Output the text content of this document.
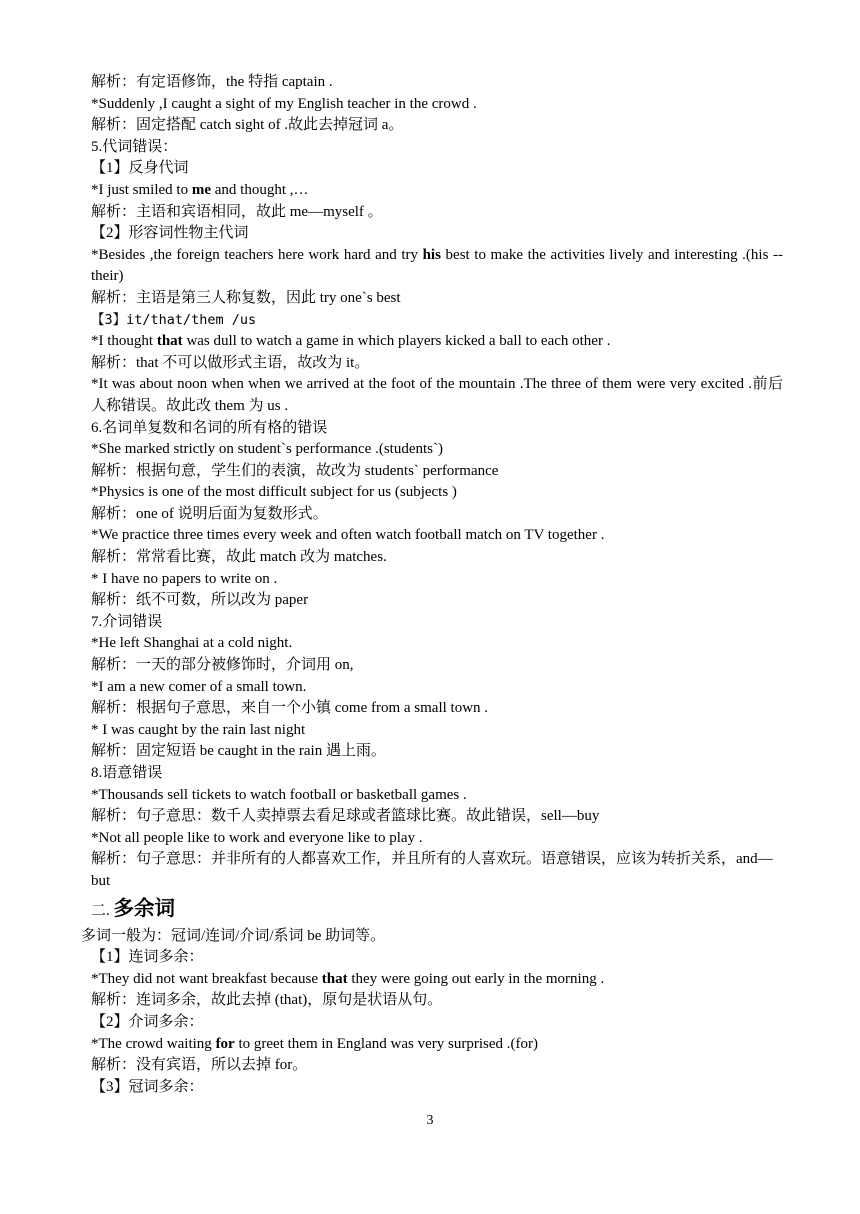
解析：有定语修饰，the 特指 captain .
*Suddenly ,I caught a sight of my English teacher in the crowd .
解析：固定搭配 catch sight of .故此去掉冠词 a。
5.代词错误：
【1】反身代词
*I just smiled to me and thought ,…
解析：主语和宾语相同，故此 me—myself 。
【2】形容词性物主代词
*Besides ,the foreign teachers here work hard and try his best to make the activities lively and interesting .(his --their)
解析：主语是第三人称复数，因此 try one`s best
【3】it/that/them /us
*I thought that was dull to watch a game in which players kicked a ball to each other .
解析：that 不可以做形式主语，故改为 it。
*It was about noon when when we arrived at the foot of the mountain .The three of them were very excited .前后人称错误。故此改 them 为 us .
6.名词单复数和名词的所有格的错误
*She marked strictly on student`s performance .(students`)
解析：根据句意，学生们的表演，故改为 students` performance
*Physics is one of the most difficult subject for us (subjects )
解析：one of 说明后面为复数形式。
*We practice three times every week and often watch football match on TV together .
解析：常常看比赛，故此 match 改为 matches.
* I have no papers to write on .
解析：纸不可数，所以改为 paper
7.介词错误
*He left Shanghai at a cold night.
解析：一天的部分被修饰时，介词用 on,
*I am a new comer of a small town.
解析：根据句子意思，来自一个小镇 come from a small town .
* I was caught by the rain last night
解析：固定短语 be caught in the rain 遇上雨。
8.语意错误
*Thousands sell tickets to watch football or basketball games .
解析：句子意思：数千人卖掉票去看足球或者篮球比赛。故此错误，sell—buy
*Not all people like to work and everyone like to play .
解析：句子意思：并非所有的人都喜欢工作，并且所有的人喜欢玩。语意错误，应该为转折关系，and—but
二. 多余词
多词一般为：冠词/连词/介词/系词 be 助词等。
【1】连词多余：
*They did not want breakfast because that they were going out early in the morning .
解析：连词多余，故此去掉 (that)，原句是状语从句。
【2】介词多余：
*The crowd waiting for to greet them in England was very surprised .(for)
解析：没有宾语，所以去掉 for。
【3】冠词多余：
3
